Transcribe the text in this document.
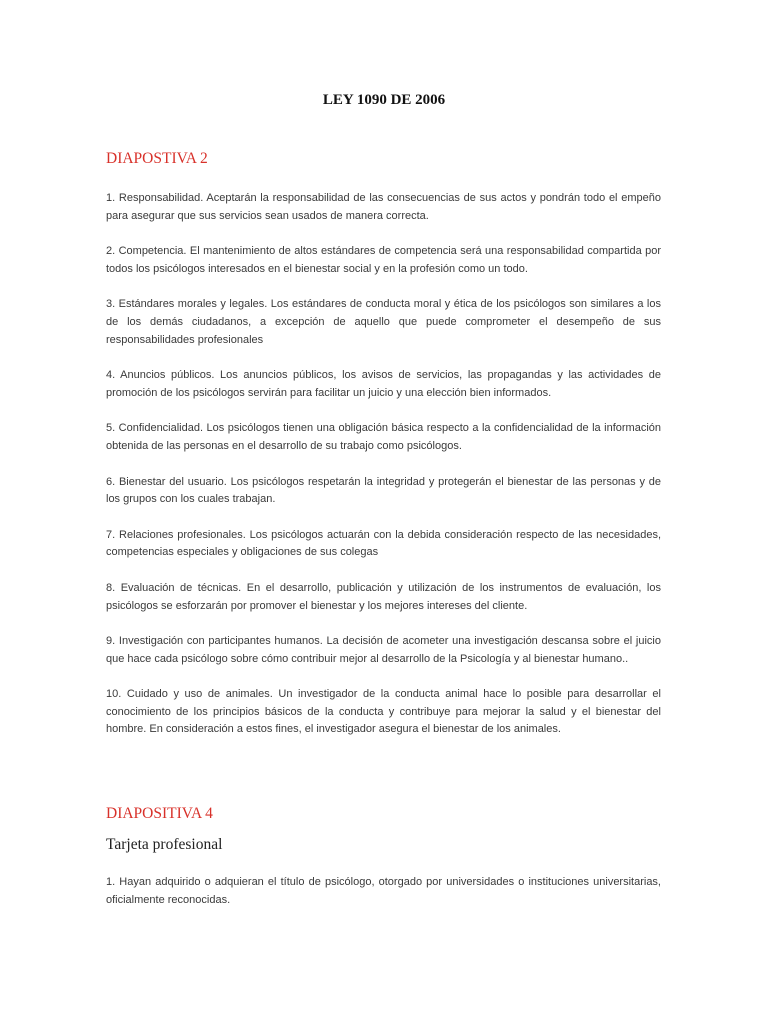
LEY 1090 DE 2006
DIAPOSTIVA 2

1. Responsabilidad. Aceptarán la responsabilidad de las consecuencias de sus actos y pondrán todo el empeño para asegurar que sus servicios sean usados de manera correcta.

2. Competencia. El mantenimiento de altos estándares de competencia será una responsabilidad compartida por todos los psicólogos interesados en el bienestar social y en la profesión como un todo.

3. Estándares morales y legales. Los estándares de conducta moral y ética de los psicólogos son similares a los de los demás ciudadanos, a excepción de aquello que puede comprometer el desempeño de sus responsabilidades profesionales

4. Anuncios públicos. Los anuncios públicos, los avisos de servicios, las propagandas y las actividades de promoción de los psicólogos servirán para facilitar un juicio y una elección bien informados.

5. Confidencialidad. Los psicólogos tienen una obligación básica respecto a la confidencialidad de la información obtenida de las personas en el desarrollo de su trabajo como psicólogos.

6. Bienestar del usuario. Los psicólogos respetarán la integridad y protegerán el bienestar de las personas y de los grupos con los cuales trabajan.

7. Relaciones profesionales. Los psicólogos actuarán con la debida consideración respecto de las necesidades, competencias especiales y obligaciones de sus colegas

8. Evaluación de técnicas. En el desarrollo, publicación y utilización de los instrumentos de evaluación, los psicólogos se esforzarán por promover el bienestar y los mejores intereses del cliente.

9. Investigación con participantes humanos. La decisión de acometer una investigación descansa sobre el juicio que hace cada psicólogo sobre cómo contribuir mejor al desarrollo de la Psicología y al bienestar humano..

10. Cuidado y uso de animales. Un investigador de la conducta animal hace lo posible para desarrollar el conocimiento de los principios básicos de la conducta y contribuye para mejorar la salud y el bienestar del hombre. En consideración a estos fines, el investigador asegura el bienestar de los animales.

DIAPOSITIVA 4
Tarjeta profesional

1. Hayan adquirido o adquieran el título de psicólogo, otorgado por universidades o instituciones universitarias, oficialmente reconocidas.
